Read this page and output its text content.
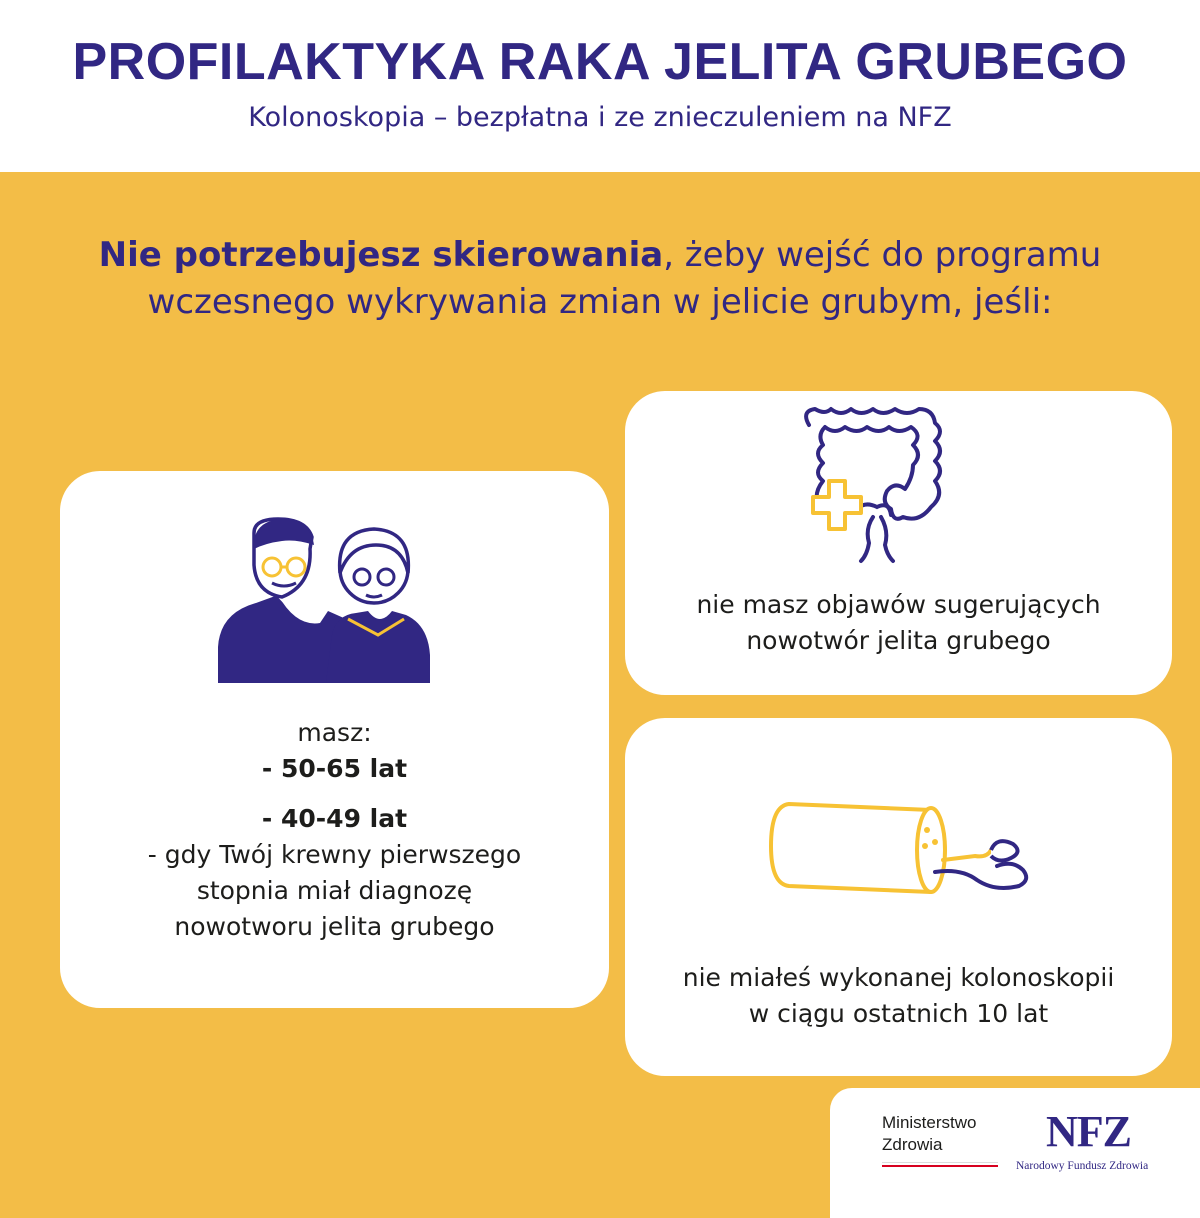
PROFILAKTYKA RAKA JELITA GRUBEGO
Kolonoskopia – bezpłatna i ze znieczuleniem na NFZ
Nie potrzebujesz skierowania, żeby wejść do programu
wczesnego wykrywania zmian w jelicie grubym, jeśli:
masz:
- 50-65 lat
- 40-49 lat
- gdy Twój krewny pierwszego
stopnia miał diagnozę
nowotworu jelita grubego
nie masz objawów sugerujących
nowotwór jelita grubego
nie miałeś wykonanej kolonoskopii
w ciągu ostatnich 10 lat
Ministerstwo
Zdrowia	NFZ
Narodowy Fundusz Zdrowia
